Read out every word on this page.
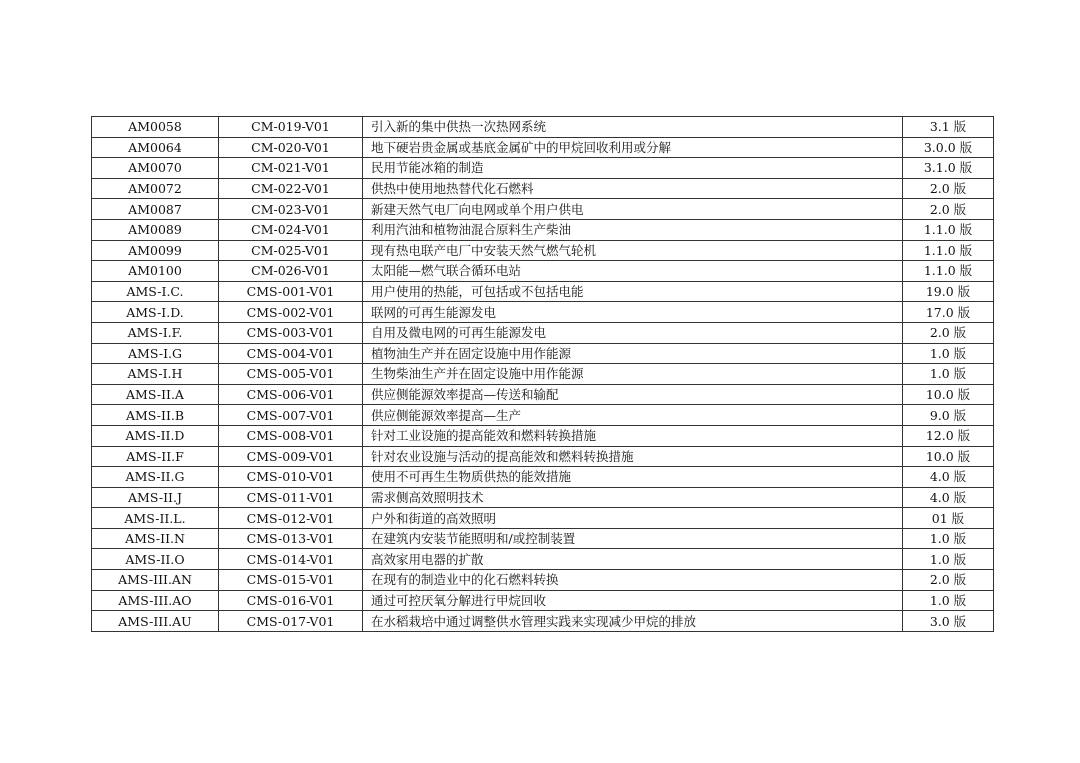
AM0058	CM-019-V01	引入新的集中供热一次热网系统	3.1 版
AM0064	CM-020-V01	地下硬岩贵金属或基底金属矿中的甲烷回收利用或分解	3.0.0 版
AM0070	CM-021-V01	民用节能冰箱的制造	3.1.0 版
AM0072	CM-022-V01	供热中使用地热替代化石燃料	2.0 版
AM0087	CM-023-V01	新建天然气电厂向电网或单个用户供电	2.0 版
AM0089	CM-024-V01	利用汽油和植物油混合原料生产柴油	1.1.0 版
AM0099	CM-025-V01	现有热电联产电厂中安装天然气燃气轮机	1.1.0 版
AM0100	CM-026-V01	太阳能—燃气联合循环电站	1.1.0 版
AMS-I.C.	CMS-001-V01	用户使用的热能，可包括或不包括电能	19.0 版
AMS-I.D.	CMS-002-V01	联网的可再生能源发电	17.0 版
AMS-I.F.	CMS-003-V01	自用及微电网的可再生能源发电	2.0 版
AMS-I.G	CMS-004-V01	植物油生产并在固定设施中用作能源	1.0 版
AMS-I.H	CMS-005-V01	生物柴油生产并在固定设施中用作能源	1.0 版
AMS-II.A	CMS-006-V01	供应侧能源效率提高—传送和输配	10.0 版
AMS-II.B	CMS-007-V01	供应侧能源效率提高—生产	9.0 版
AMS-II.D	CMS-008-V01	针对工业设施的提高能效和燃料转换措施	12.0 版
AMS-II.F	CMS-009-V01	针对农业设施与活动的提高能效和燃料转换措施	10.0 版
AMS-II.G	CMS-010-V01	使用不可再生生物质供热的能效措施	4.0 版
AMS-II.J	CMS-011-V01	需求侧高效照明技术	4.0 版
AMS-II.L.	CMS-012-V01	户外和街道的高效照明	01 版
AMS-II.N	CMS-013-V01	在建筑内安装节能照明和/或控制装置	1.0 版
AMS-II.O	CMS-014-V01	高效家用电器的扩散	1.0 版
AMS-III.AN	CMS-015-V01	在现有的制造业中的化石燃料转换	2.0 版
AMS-III.AO	CMS-016-V01	通过可控厌氧分解进行甲烷回收	1.0 版
AMS-III.AU	CMS-017-V01	在水稻栽培中通过调整供水管理实践来实现减少甲烷的排放	3.0 版
